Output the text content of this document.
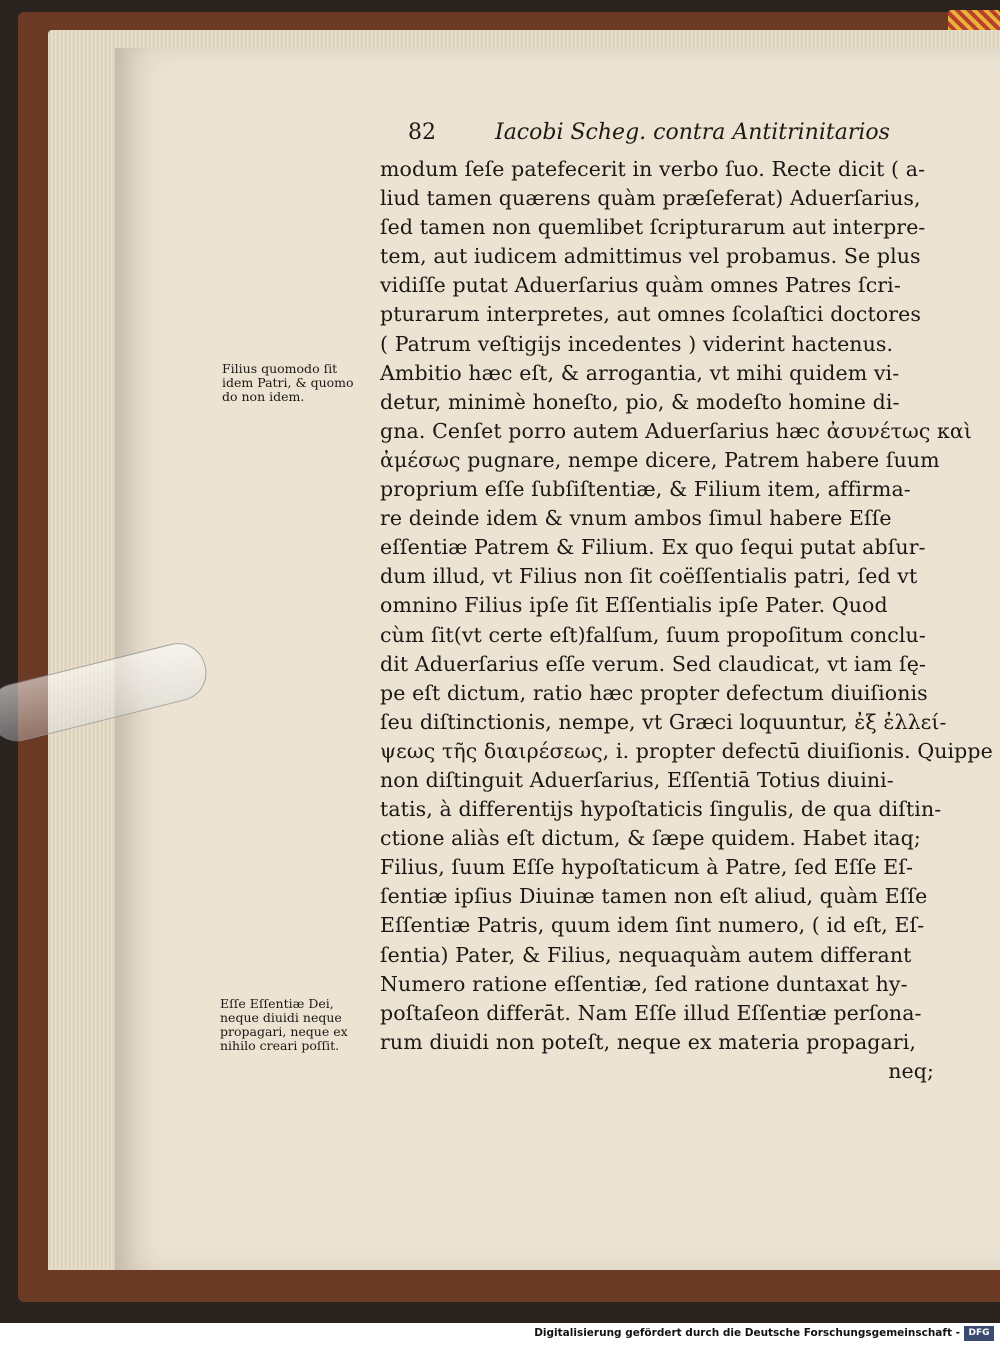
82	Iacobi Scheg. contra Antitrinitarios
modum ſeſe patefecerit in verbo ſuo. Recte dicit ( a-
liud tamen quærens quàm præſeferat) Aduerſarius,
ſed tamen non quemlibet ſcripturarum aut interpre-
tem, aut iudicem admittimus vel probamus. Se plus
vidiſſe putat Aduerſarius quàm omnes Patres ſcri-
pturarum interpretes, aut omnes ſcolaſtici doctores
( Patrum veſtigijs incedentes ) viderint hactenus.
Ambitio hæc eſt, & arrogantia, vt mihi quidem vi-
detur, minimè honeſto, pio, & modeſto homine di-
gna. Cenſet porro autem Aduerſarius hæc ἀσυνέτως καὶ
ἀμέσως pugnare, nempe dicere, Patrem habere ſuum
proprium eſſe ſubſiſtentiæ, & Filium item, affirma-
re deinde idem & vnum ambos ſimul habere Eſſe
eſſentiæ Patrem & Filium. Ex quo ſequi putat abſur-
dum illud, vt Filius non ſit coëſſentialis patri, ſed vt
omnino Filius ipſe ſit Eſſentialis ipſe Pater. Quod
cùm ſit(vt certe eſt)falſum, ſuum propoſitum conclu-
dit Aduerſarius eſſe verum. Sed claudicat, vt iam ſę-
pe eſt dictum, ratio hæc propter defectum diuiſionis
ſeu diſtinctionis, nempe, vt Græci loquuntur, ἐξ ἐλλεί-
ψεως τῆς διαιρέσεως, i. propter defectū diuiſionis. Quippe
non diſtinguit Aduerſarius, Eſſentiā Totius diuini-
tatis, à differentijs hypoſtaticis ſingulis, de qua diſtin-
ctione aliàs eſt dictum, & ſæpe quidem. Habet itaq;
Filius, ſuum Eſſe hypoſtaticum à Patre, ſed Eſſe Eſ-
ſentiæ ipſius Diuinæ tamen non eſt aliud, quàm Eſſe
Eſſentiæ Patris, quum idem ſint numero, ( id eſt, Eſ-
ſentia) Pater, & Filius, nequaquàm autem differant
Numero ratione eſſentiæ, ſed ratione duntaxat hy-
poſtaſeon differāt. Nam Eſſe illud Eſſentiæ perſona-
rum diuidi non poteſt, neque ex materia propagari,
neq;
Filius quomodo ſit
idem Patri, & quomo
do non idem.
Eſſe Eſſentiæ Dei,
neque diuidi neque
propagari, neque ex
nihilo creari poſſit.
Digitalisierung gefördert durch die Deutsche Forschungsgemeinschaft - DFG
